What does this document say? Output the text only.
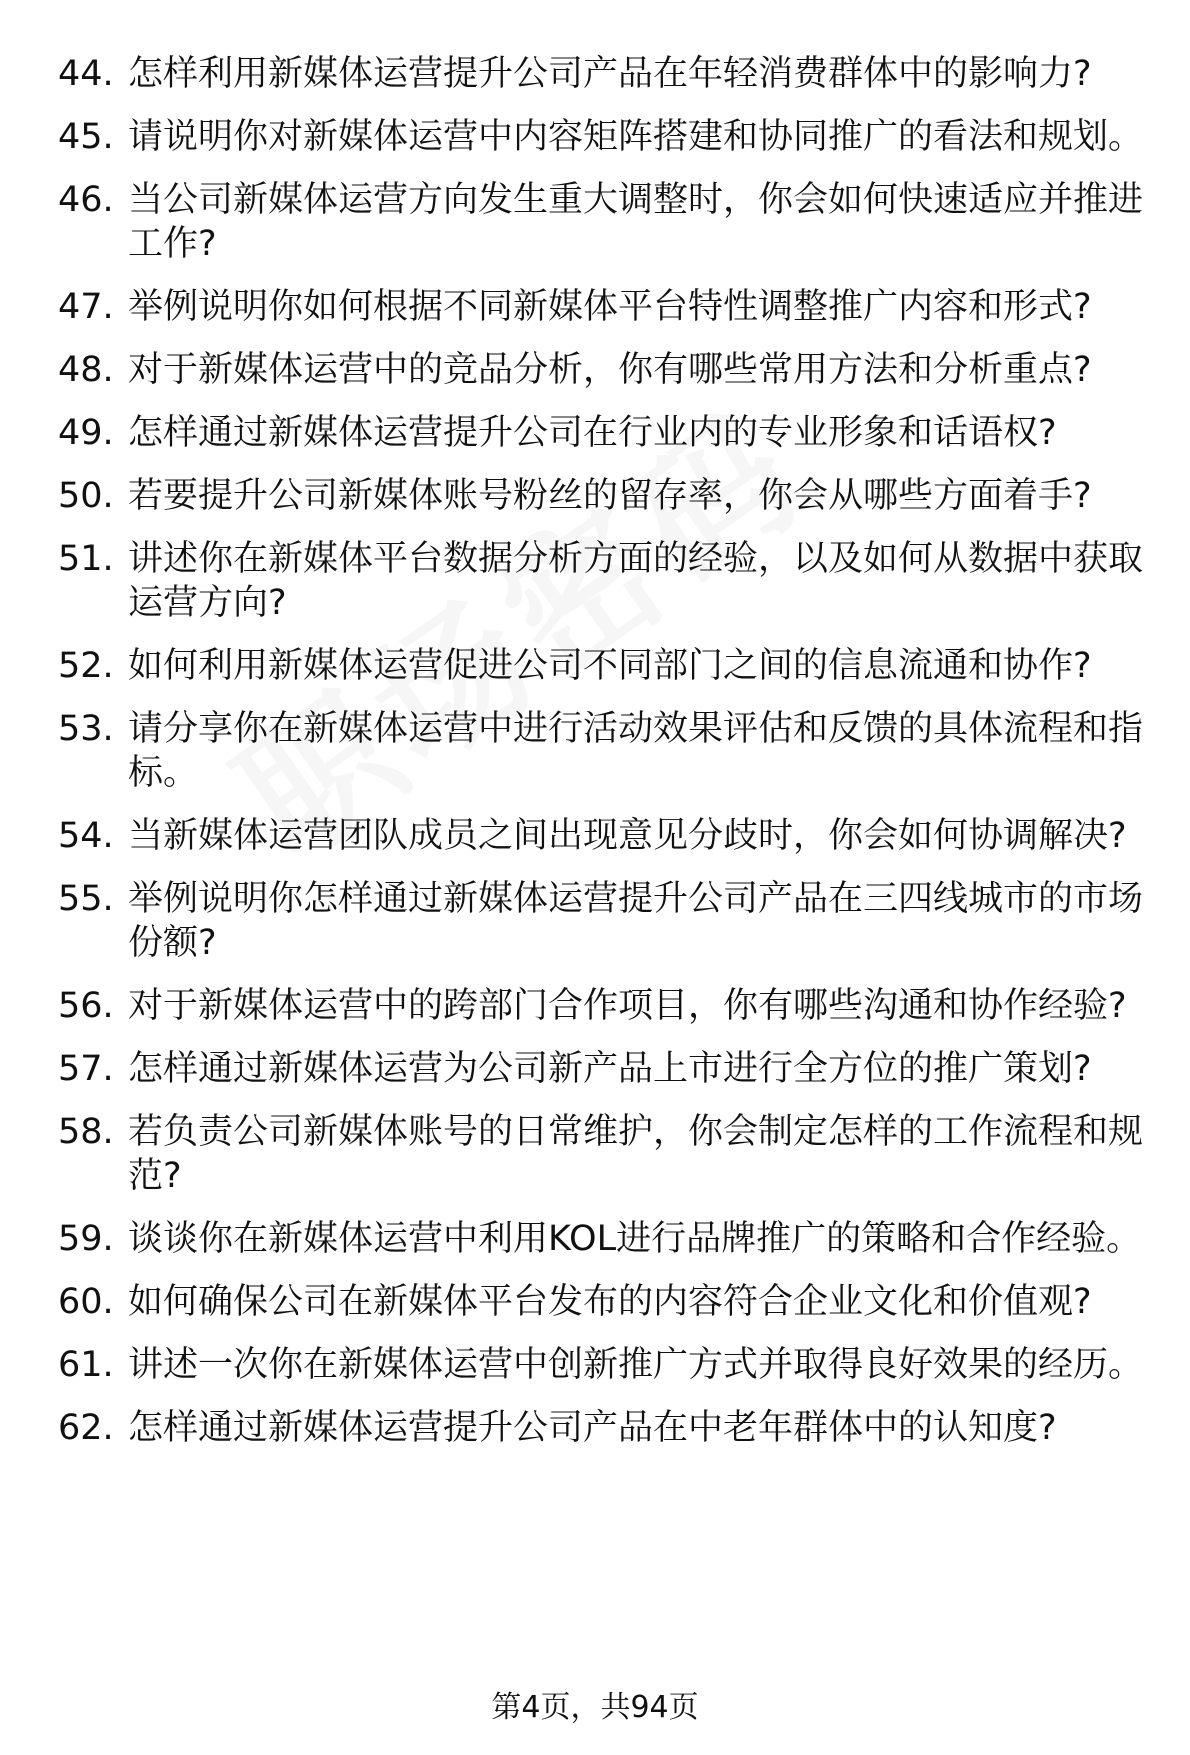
44. 怎样利用新媒体运营提升公司产品在年轻消费群体中的影响力?
45. 请说明你对新媒体运营中内容矩阵搭建和协同推广的看法和规划。
46. 当公司新媒体运营方向发生重大调整时，你会如何快速适应并推进工作?
47. 举例说明你如何根据不同新媒体平台特性调整推广内容和形式?
48. 对于新媒体运营中的竞品分析，你有哪些常用方法和分析重点?
49. 怎样通过新媒体运营提升公司在行业内的专业形象和话语权?
50. 若要提升公司新媒体账号粉丝的留存率，你会从哪些方面着手?
51. 讲述你在新媒体平台数据分析方面的经验，以及如何从数据中获取运营方向?
52. 如何利用新媒体运营促进公司不同部门之间的信息流通和协作?
53. 请分享你在新媒体运营中进行活动效果评估和反馈的具体流程和指标。
54. 当新媒体运营团队成员之间出现意见分歧时，你会如何协调解决?
55. 举例说明你怎样通过新媒体运营提升公司产品在三四线城市的市场份额?
56. 对于新媒体运营中的跨部门合作项目，你有哪些沟通和协作经验?
57. 怎样通过新媒体运营为公司新产品上市进行全方位的推广策划?
58. 若负责公司新媒体账号的日常维护，你会制定怎样的工作流程和规范?
59. 谈谈你在新媒体运营中利用KOL进行品牌推广的策略和合作经验。
60. 如何确保公司在新媒体平台发布的内容符合企业文化和价值观?
61. 讲述一次你在新媒体运营中创新推广方式并取得良好效果的经历。
62. 怎样通过新媒体运营提升公司产品在中老年群体中的认知度?
第4页，共94页
